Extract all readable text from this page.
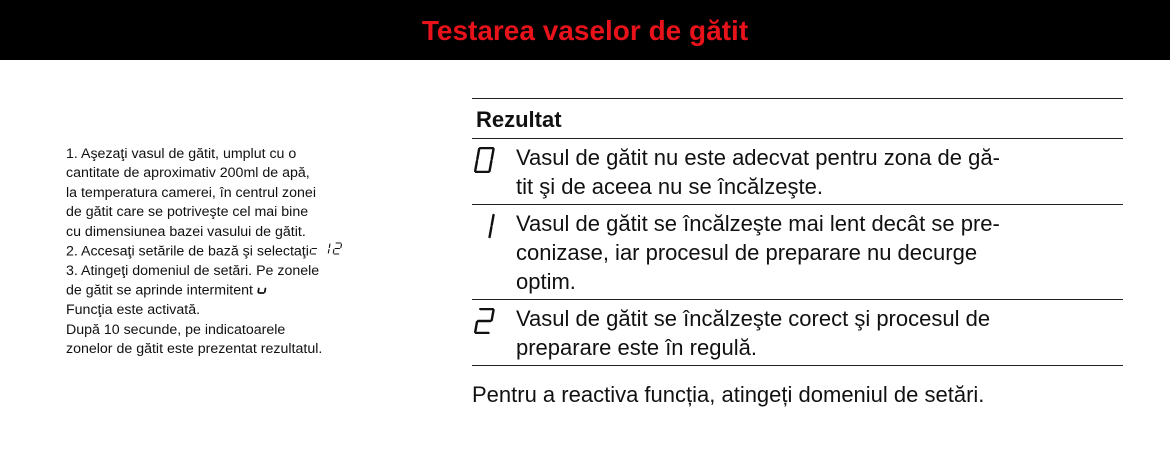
Testarea vaselor de gătit
1. Aşezaţi vasul de gătit, umplut cu o
cantitate de aproximativ 200ml de apă,
la temperatura camerei, în centrul zonei
de gătit care se potriveşte cel mai bine
cu dimensiunea bazei vasului de gătit.
2. Accesaţi setările de bază şi selectaţi
3. Atingeţi domeniul de setări. Pe zonele
de gătit se aprinde intermitent
Funcţia este activată.
După 10 secunde, pe indicatoarele
zonelor de gătit este prezentat rezultatul.
Rezultat
Vasul de gătit nu este adecvat pentru zona de gă-
tit şi de aceea nu se încălzeşte.
Vasul de gătit se încălzeşte mai lent decât se pre-
conizase, iar procesul de preparare nu decurge
optim.
Vasul de gătit se încălzeşte corect şi procesul de
preparare este în regulă.
Pentru a reactiva funcția, atingeți domeniul de setări.
